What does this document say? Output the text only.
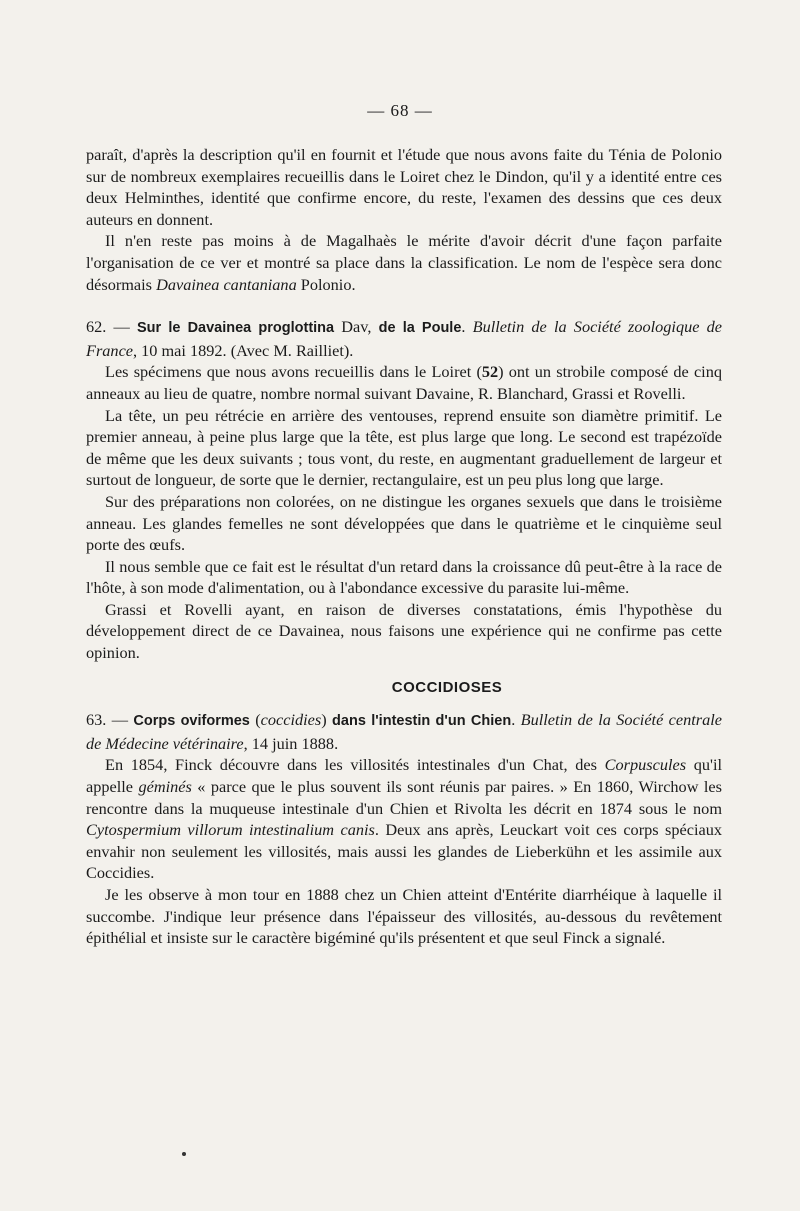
— 68 —

paraît, d'après la description qu'il en fournit et l'étude que nous avons faite du Ténia de Polonio sur de nombreux exemplaires recueillis dans le Loiret chez le Dindon, qu'il y a identité entre ces deux Helminthes, identité que confirme encore, du reste, l'examen des dessins que ces deux auteurs en donnent.

Il n'en reste pas moins à de Magalhaès le mérite d'avoir décrit d'une façon parfaite l'organisation de ce ver et montré sa place dans la classification. Le nom de l'espèce sera donc désormais Davainea cantaniana Polonio.

62. — Sur le Davainea proglottina Dav, de la Poule. Bulletin de la Société zoologique de France, 10 mai 1892. (Avec M. Railliet).

Les spécimens que nous avons recueillis dans le Loiret (52) ont un strobile composé de cinq anneaux au lieu de quatre, nombre normal suivant Davaine, R. Blanchard, Grassi et Rovelli.

La tête, un peu rétrécie en arrière des ventouses, reprend ensuite son diamètre primitif. Le premier anneau, à peine plus large que la tête, est plus large que long. Le second est trapézoïde de même que les deux suivants ; tous vont, du reste, en augmentant graduellement de largeur et surtout de longueur, de sorte que le dernier, rectangulaire, est un peu plus long que large.

Sur des préparations non colorées, on ne distingue les organes sexuels que dans le troisième anneau. Les glandes femelles ne sont développées que dans le quatrième et le cinquième seul porte des œufs.

Il nous semble que ce fait est le résultat d'un retard dans la croissance dû peut-être à la race de l'hôte, à son mode d'alimentation, ou à l'abondance excessive du parasite lui-même.

Grassi et Rovelli ayant, en raison de diverses constatations, émis l'hypothèse du développement direct de ce Davainea, nous faisons une expérience qui ne confirme pas cette opinion.

COCCIDIOSES

63. — Corps oviformes (coccidies) dans l'intestin d'un Chien. Bulletin de la Société centrale de Médecine vétérinaire, 14 juin 1888.

En 1854, Finck découvre dans les villosités intestinales d'un Chat, des Corpuscules qu'il appelle géminés « parce que le plus souvent ils sont réunis par paires. » En 1860, Wirchow les rencontre dans la muqueuse intestinale d'un Chien et Rivolta les décrit en 1874 sous le nom Cytospermium villorum intestinalium canis. Deux ans après, Leuckart voit ces corps spéciaux envahir non seulement les villosités, mais aussi les glandes de Lieberkühn et les assimile aux Coccidies.

Je les observe à mon tour en 1888 chez un Chien atteint d'Entérite diarrhéique à laquelle il succombe. J'indique leur présence dans l'épaisseur des villosités, au-dessous du revêtement épithélial et insiste sur le caractère bigéminé qu'ils présentent et que seul Finck a signalé.
